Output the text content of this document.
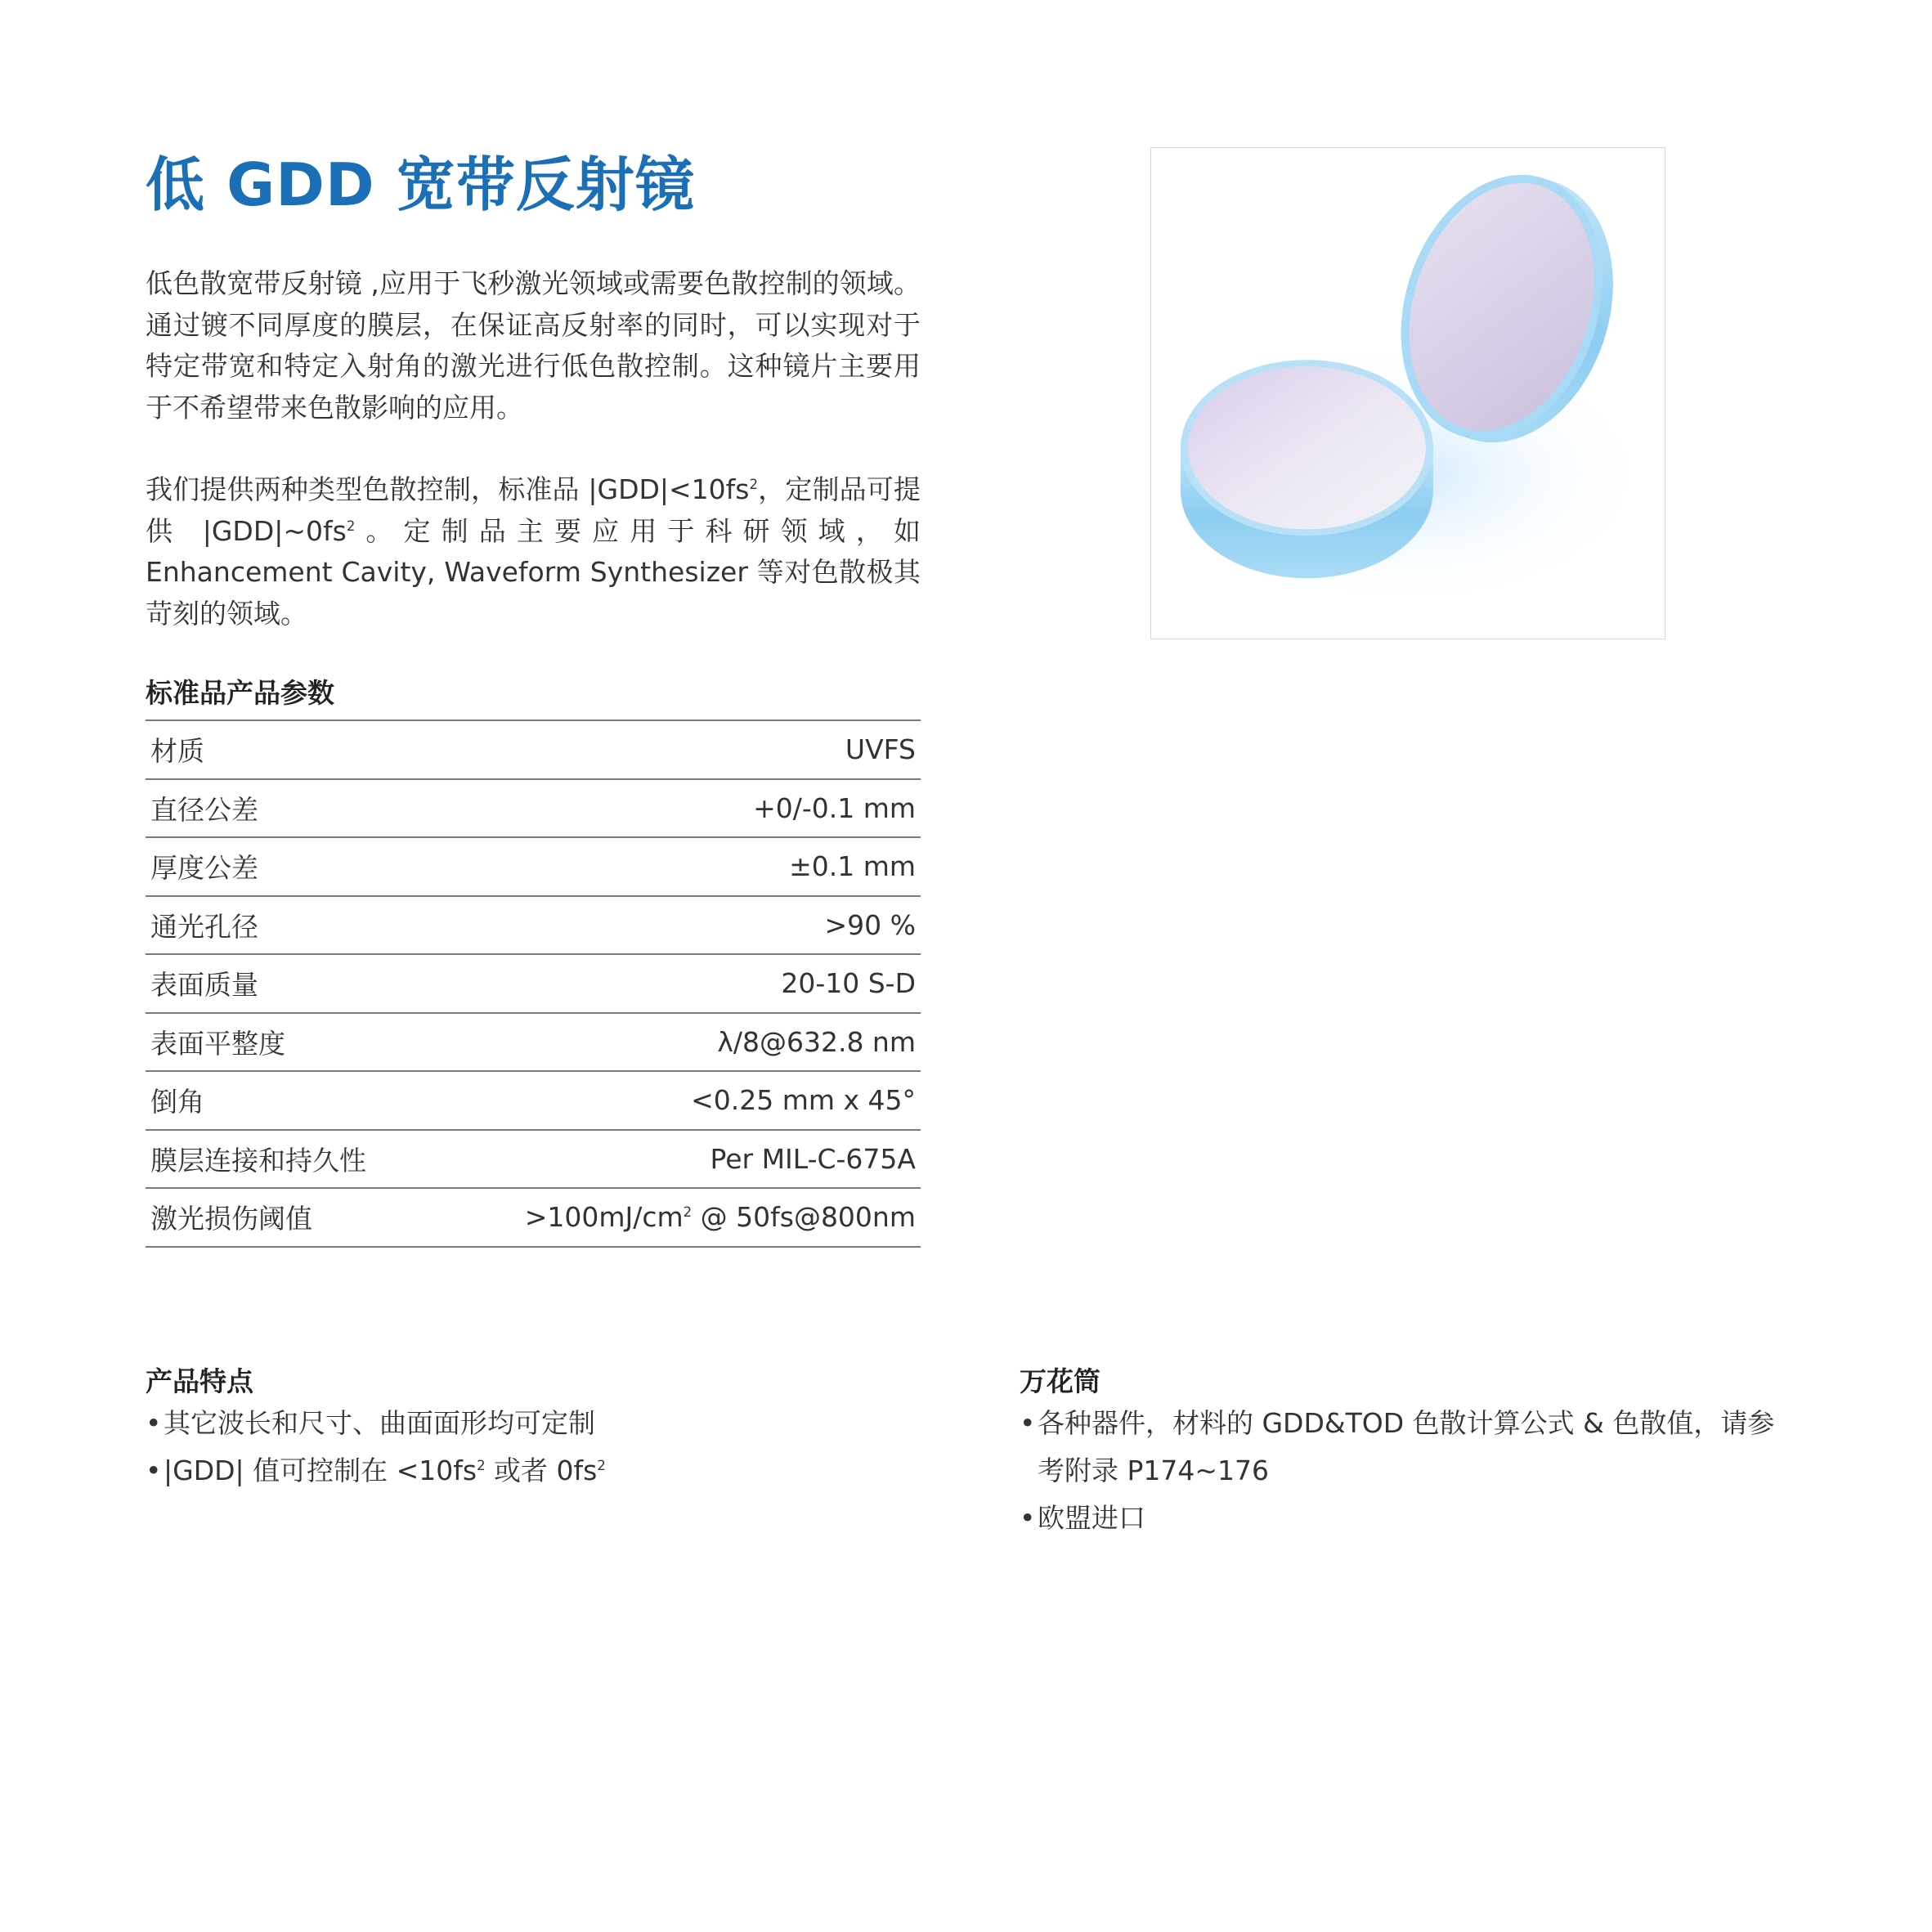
低 GDD 宽带反射镜

低色散宽带反射镜 ,应用于飞秒激光领域或需要色散控制的领域。通过镀不同厚度的膜层，在保证高反射率的同时，可以实现对于特定带宽和特定入射角的激光进行低色散控制。这种镜片主要用于不希望带来色散影响的应用。

我们提供两种类型色散控制，标准品 $|GDD|<10fs^2$，定制品可提供 $|GDD|\sim 0fs^2$。定制品主要应用于科研领域，如 Enhancement Cavity, Waveform Synthesizer 等对色散极其苛刻的领域。

标准品产品参数
材质	UVFS
直径公差	+0/-0.1 mm
厚度公差	±0.1 mm
通光孔径	>90 %
表面质量	20-10 S-D
表面平整度	λ/8@632.8 nm
倒角	<0.25 mm x 45°
膜层连接和持久性	Per MIL-C-675A
激光损伤阈值	$>100mJ/cm^2$ @ 50fs@800nm
产品特点
• 其它波长和尺寸、曲面面形均可定制
• |GDD| 值可控制在 $<10fs^2$ 或者 $0fs^2$
万花筒
• 各种器件，材料的 GDD&TOD 色散计算公式 & 色散值，请参考附录 P174~176
• 欧盟进口
